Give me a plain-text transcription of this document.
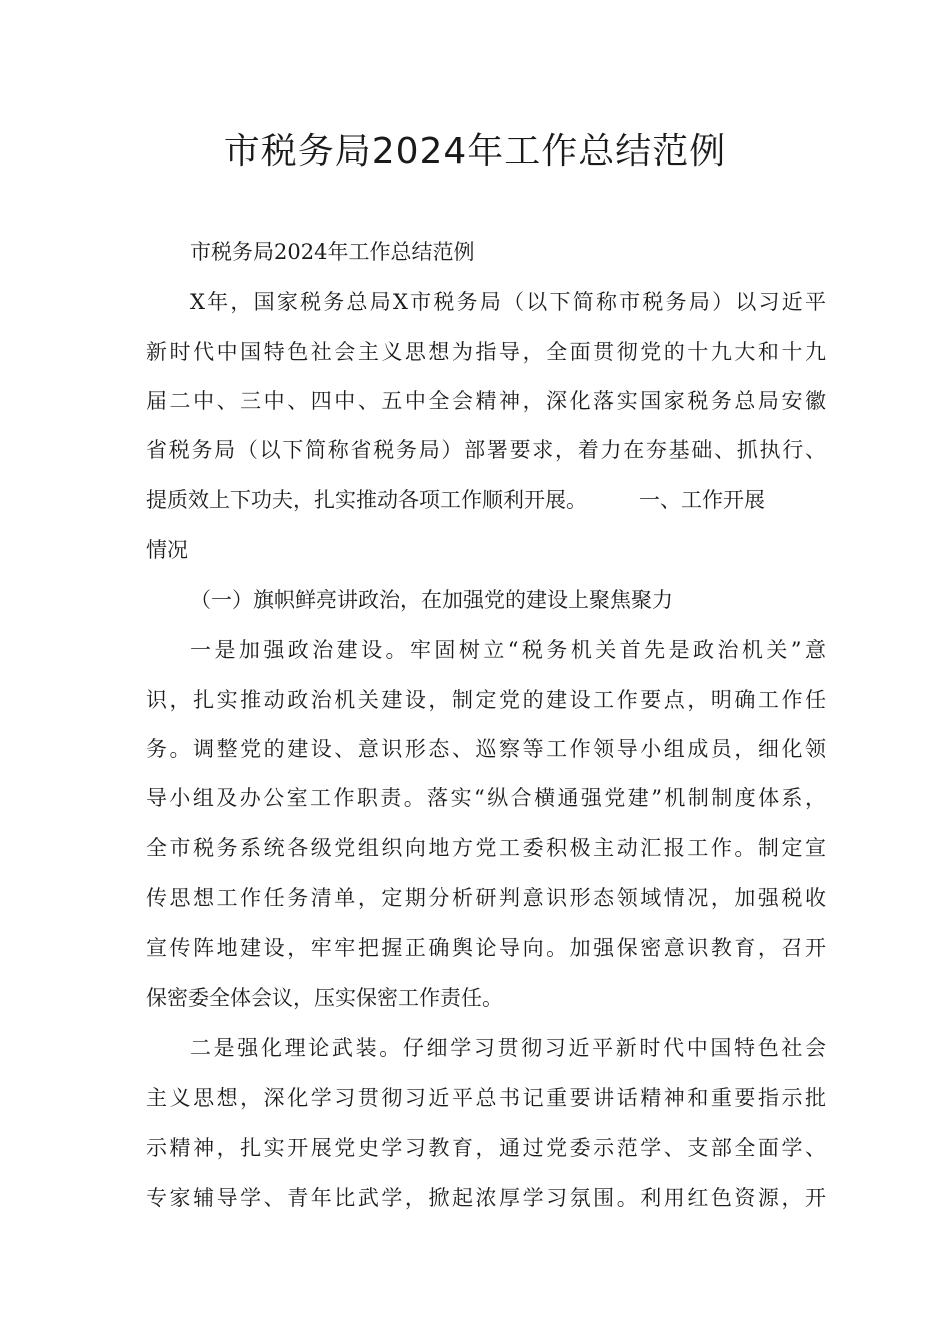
市税务局2024年工作总结范例

市税务局2024年工作总结范例

X年，国家税务总局X市税务局（以下简称市税务局）以习近平

新时代中国特色社会主义思想为指导，全面贯彻党的十九大和十九

届二中、三中、四中、五中全会精神，深化落实国家税务总局安徽

省税务局（以下简称省税务局）部署要求，着力在夯基础、抓执行、

提质效上下功夫，扎实推动各项工作顺利开展。 一、工作开展

情况

（一）旗帜鲜亮讲政治，在加强党的建设上聚焦聚力

一是加强政治建设。牢固树立“税务机关首先是政治机关”意

识，扎实推动政治机关建设，制定党的建设工作要点，明确工作任

务。调整党的建设、意识形态、巡察等工作领导小组成员，细化领

导小组及办公室工作职责。落实“纵合横通强党建”机制制度体系，

全市税务系统各级党组织向地方党工委积极主动汇报工作。制定宣

传思想工作任务清单，定期分析研判意识形态领域情况，加强税收

宣传阵地建设，牢牢把握正确舆论导向。加强保密意识教育，召开

保密委全体会议，压实保密工作责任。

二是强化理论武装。仔细学习贯彻习近平新时代中国特色社会

主义思想，深化学习贯彻习近平总书记重要讲话精神和重要指示批

示精神，扎实开展党史学习教育，通过党委示范学、支部全面学、

专家辅导学、青年比武学，掀起浓厚学习氛围。利用红色资源，开
